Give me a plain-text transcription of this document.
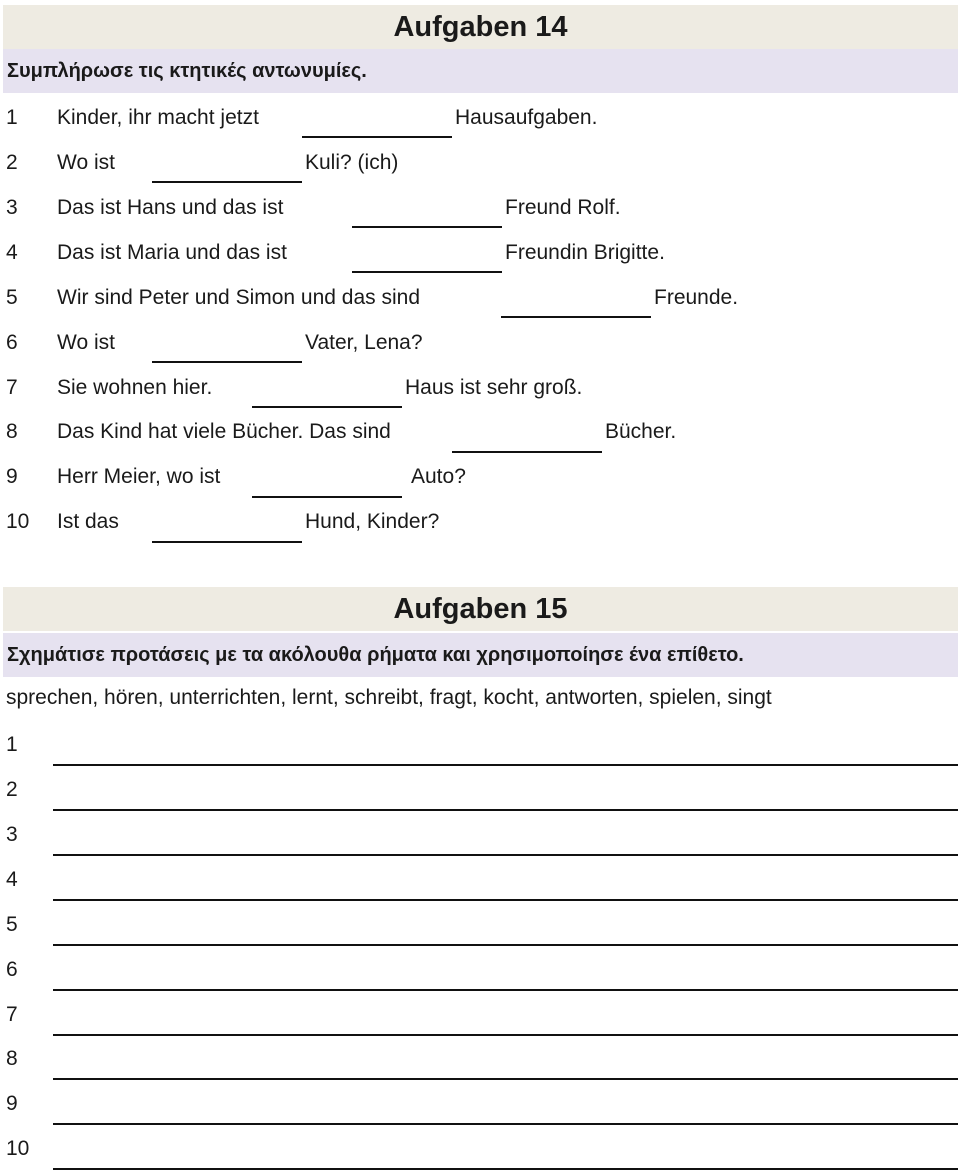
Aufgaben 14
Συμπλήρωσε τις κτητικές αντωνυμίες.
1 Kinder, ihr macht jetzt	Hausaufgaben.
2 Wo ist	Kuli? (ich)
3 Das ist Hans und das ist	Freund Rolf.
4 Das ist Maria und das ist	Freundin Brigitte.
5 Wir sind Peter und Simon und das sind	Freunde.
6 Wo ist	Vater, Lena?
7 Sie wohnen hier.	Haus ist sehr groß.
8 Das Kind hat viele Bücher. Das sind	Bücher.
9 Herr Meier, wo ist	Auto?
10 Ist das	Hund, Kinder?
Aufgaben 15
Σχημάτισε προτάσεις με τα ακόλουθα ρήματα και χρησιμοποίησε ένα επίθετο.
sprechen, hören, unterrichten, lernt, schreibt, fragt, kocht, antworten, spielen, singt
1
2
3
4
5
6
7
8
9
10
